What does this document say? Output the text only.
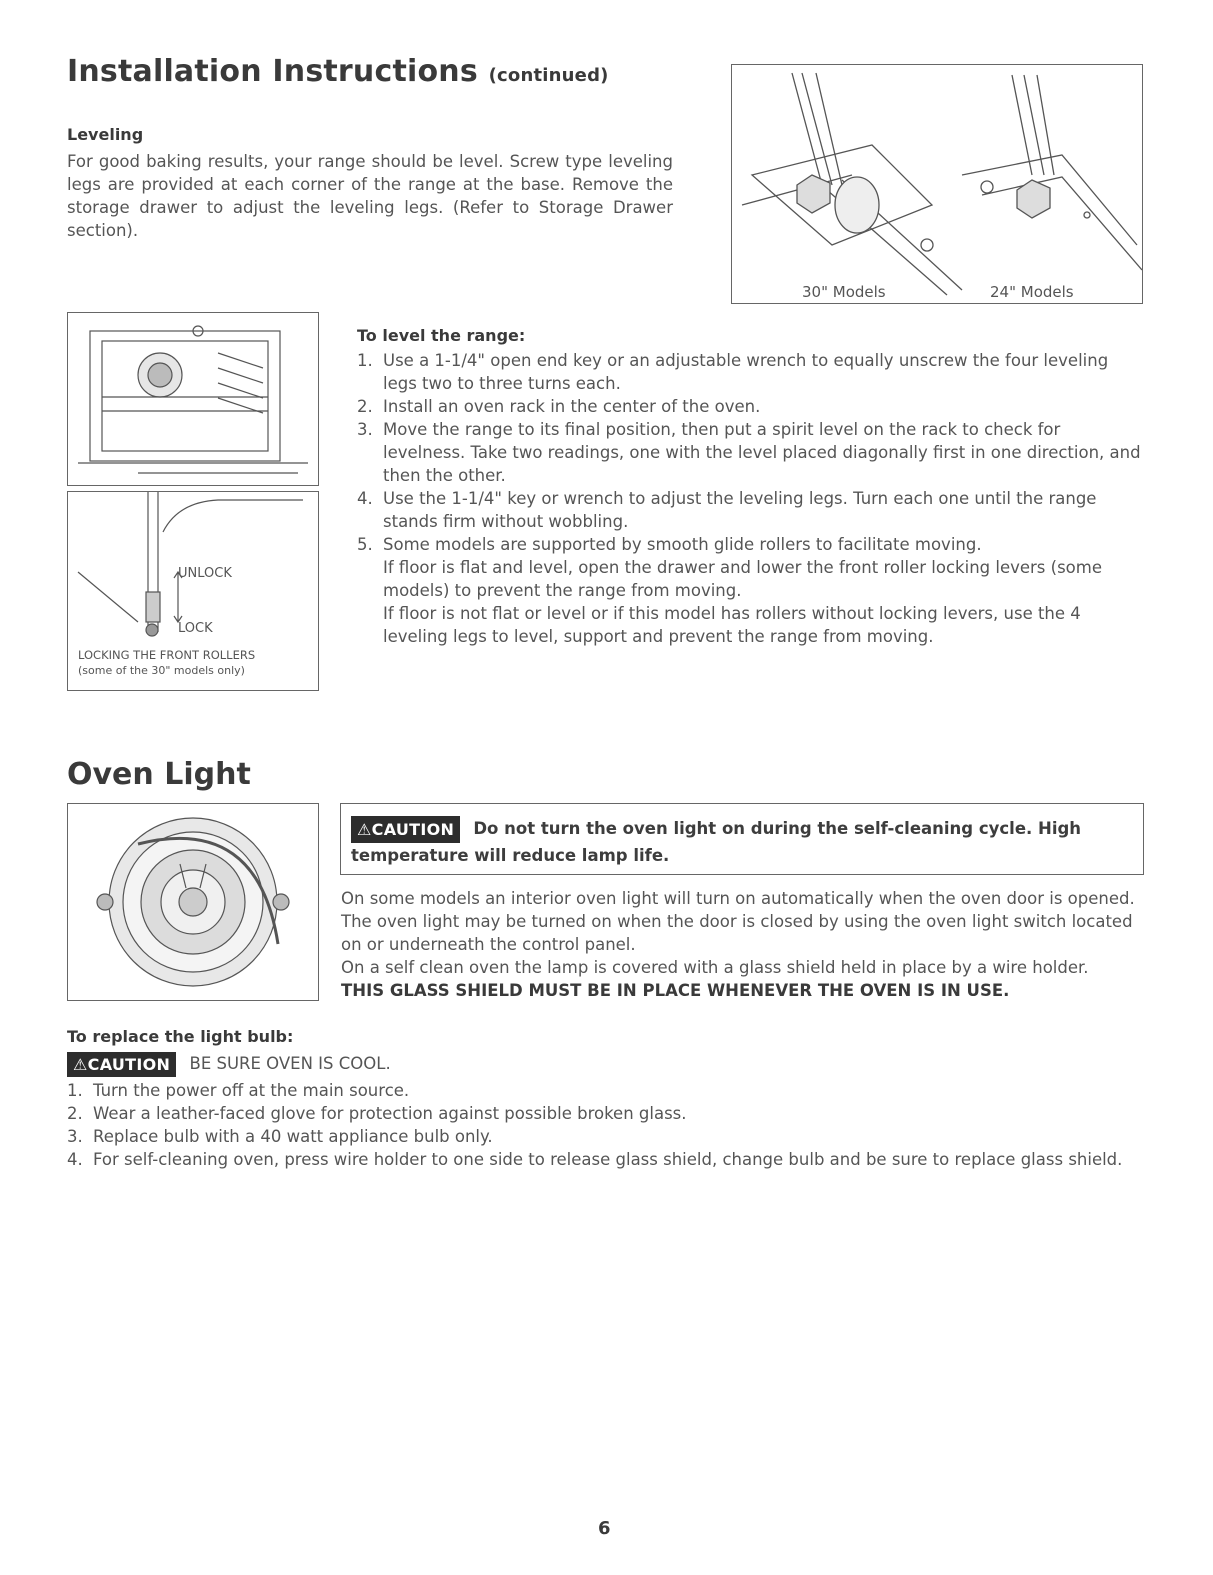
Installation Instructions (continued)
Leveling
For good baking results, your range should be level. Screw type leveling legs are provided at each corner of the range at the base. Remove the storage drawer to adjust the leveling legs. (Refer to Storage Drawer section).
30" Models	24" Models
UNLOCK
LOCK
LOCKING THE FRONT ROLLERS
(some of the 30" models only)
To level the range:
1. Use a 1-1/4" open end key or an adjustable wrench to equally unscrew the four leveling legs two to three turns each.
2. Install an oven rack in the center of the oven.
3. Move the range to its final position, then put a spirit level on the rack to check for levelness. Take two readings, one with the level placed diagonally first in one direction, and then the other.
4. Use the 1-1/4" key or wrench to adjust the leveling legs. Turn each one until the range stands firm without wobbling.
5. Some models are supported by smooth glide rollers to facilitate moving.
If floor is flat and level, open the drawer and lower the front roller locking levers (some models) to prevent the range from moving.
If floor is not flat or level or if this model has rollers without locking levers, use the 4 leveling legs to level, support and prevent the range from moving.
Oven Light
⚠CAUTION Do not turn the oven light on during the self-cleaning cycle. High temperature will reduce lamp life.
On some models an interior oven light will turn on automatically when the oven door is opened. The oven light may be turned on when the door is closed by using the oven light switch located on or underneath the control panel.
On a self clean oven the lamp is covered with a glass shield held in place by a wire holder.
THIS GLASS SHIELD MUST BE IN PLACE WHENEVER THE OVEN IS IN USE.
To replace the light bulb:
⚠CAUTION BE SURE OVEN IS COOL.
1. Turn the power off at the main source.
2. Wear a leather-faced glove for protection against possible broken glass.
3. Replace bulb with a 40 watt appliance bulb only.
4. For self-cleaning oven, press wire holder to one side to release glass shield, change bulb and be sure to replace glass shield.
6
